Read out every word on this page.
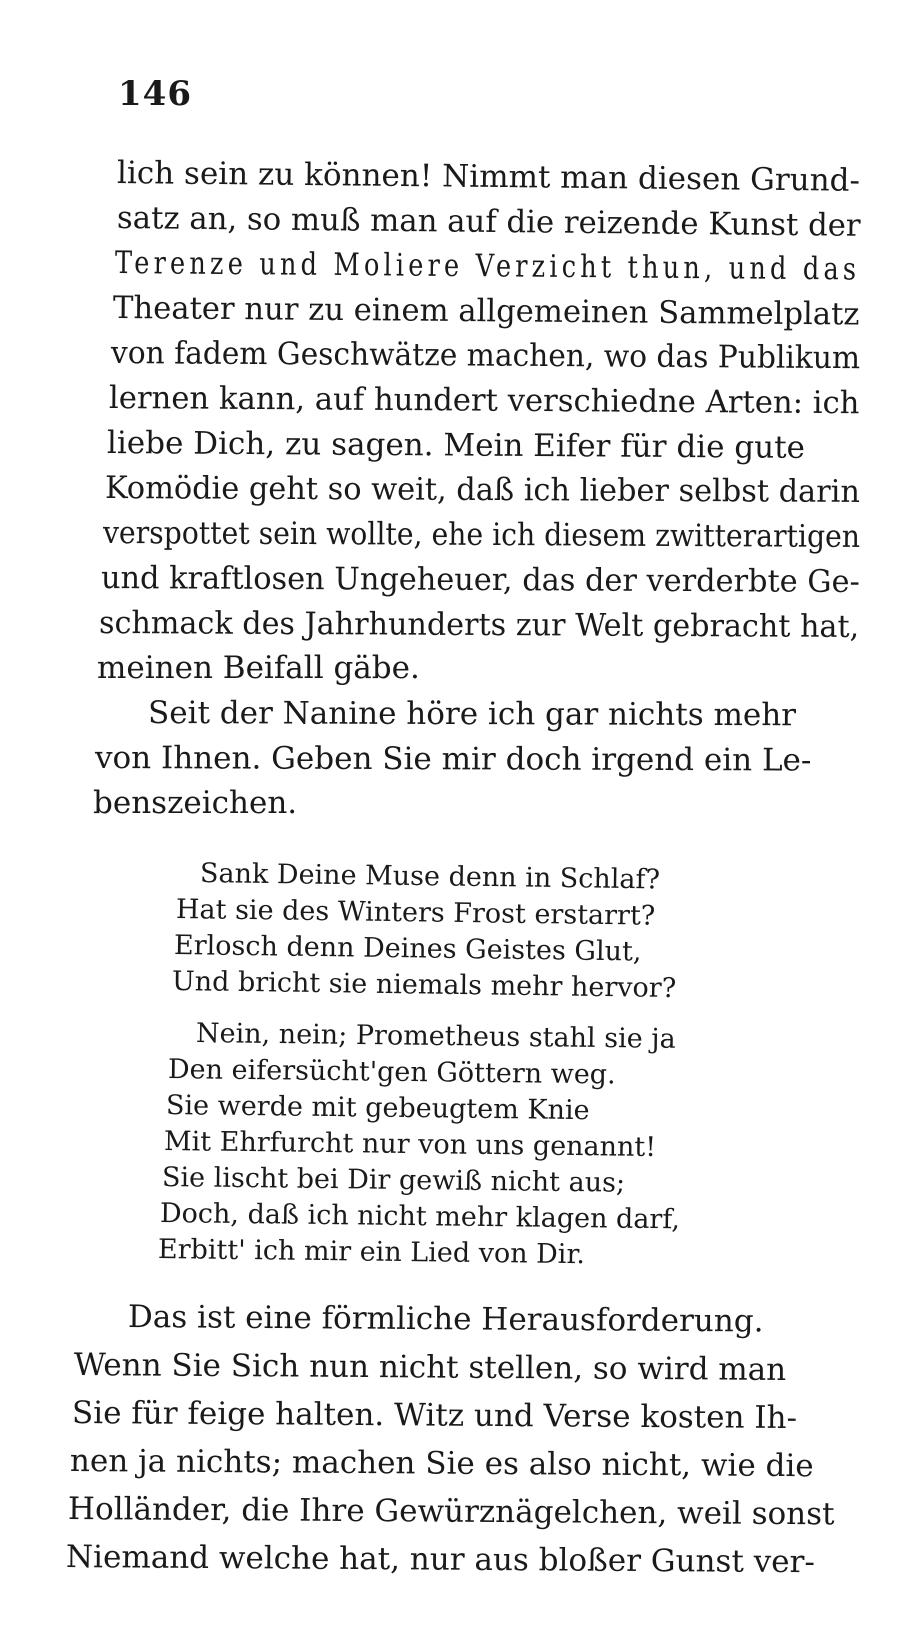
146
lich sein zu können! Nimmt man diesen Grund-
satz an, so muß man auf die reizende Kunst der
Terenze und Moliere Verzicht thun, und das
Theater nur zu einem allgemeinen Sammelplatz
von fadem Geschwätze machen, wo das Publikum
lernen kann, auf hundert verschiedne Arten: ich
liebe Dich, zu sagen. Mein Eifer für die gute
Komödie geht so weit, daß ich lieber selbst darin
verspottet sein wollte, ehe ich diesem zwitterartigen
und kraftlosen Ungeheuer, das der verderbte Ge-
schmack des Jahrhunderts zur Welt gebracht hat,
meinen Beifall gäbe.
Seit der Nanine höre ich gar nichts mehr
von Ihnen. Geben Sie mir doch irgend ein Le-
benszeichen.
Sank Deine Muse denn in Schlaf?
Hat sie des Winters Frost erstarrt?
Erlosch denn Deines Geistes Glut,
Und bricht sie niemals mehr hervor?
Nein, nein; Prometheus stahl sie ja
Den eifersücht'gen Göttern weg.
Sie werde mit gebeugtem Knie
Mit Ehrfurcht nur von uns genannt!
Sie lischt bei Dir gewiß nicht aus;
Doch, daß ich nicht mehr klagen darf,
Erbitt' ich mir ein Lied von Dir.
Das ist eine förmliche Herausforderung.
Wenn Sie Sich nun nicht stellen, so wird man
Sie für feige halten. Witz und Verse kosten Ih-
nen ja nichts; machen Sie es also nicht, wie die
Holländer, die Ihre Gewürznägelchen, weil sonst
Niemand welche hat, nur aus bloßer Gunst ver-
